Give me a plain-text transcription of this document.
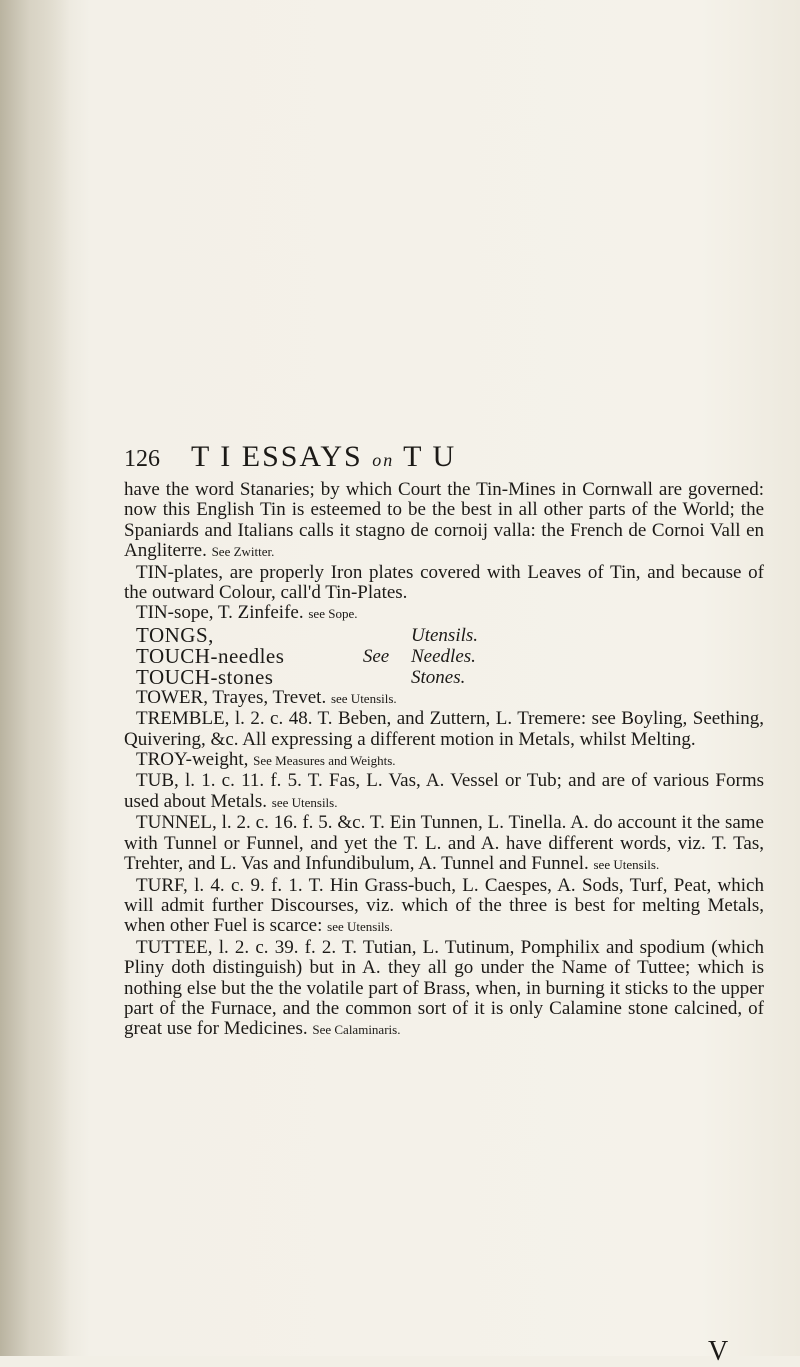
126 T I ESSAYS on T U

have the word Stanaries; by which Court the Tin-Mines in Cornwall are governed: now this English Tin is esteemed to be the best in all other parts of the World; the Spaniards and Italians calls it stagno de cornoij valla: the French de Cornoi Vall en Angliterre. See Zwitter.

TIN-plates, are properly Iron plates covered with Leaves of Tin, and because of the outward Colour, call'd Tin-Plates.

TIN-sope, T. Zinfeife. see Sope.

TONGS,
TOUCH-needles
TOUCH-stones
See
Utensils.
Needles.
Stones.

TOWER, Trayes, Trevet. see Utensils.

TREMBLE, l. 2. c. 48. T. Beben, and Zuttern, L. Tremere: see Boyling, Seething, Quivering, &c. All expressing a different motion in Metals, whilst Melting.

TROY-weight, See Measures and Weights.

TUB, l. 1. c. 11. f. 5. T. Fas, L. Vas, A. Vessel or Tub; and are of various Forms used about Metals. see Utensils.

TUNNEL, l. 2. c. 16. f. 5. &c. T. Ein Tunnen, L. Tinella. A. do account it the same with Tunnel or Funnel, and yet the T. L. and A. have different words, viz. T. Tas, Trehter, and L. Vas and Infundibulum, A. Tunnel and Funnel. see Utensils.

TURF, l. 4. c. 9. f. 1. T. Hin Grass-buch, L. Caespes, A. Sods, Turf, Peat, which will admit further Discourses, viz. which of the three is best for melting Metals, when other Fuel is scarce: see Utensils.

TUTTEE, l. 2. c. 39. f. 2. T. Tutian, L. Tutinum, Pomphilix and spodium (which Pliny doth distinguish) but in A. they all go under the Name of Tuttee; which is nothing else but the the volatile part of Brass, when, in burning it sticks to the upper part of the Furnace, and the common sort of it is only Calamine stone calcined, of great use for Medicines. See Calaminaris.

V
